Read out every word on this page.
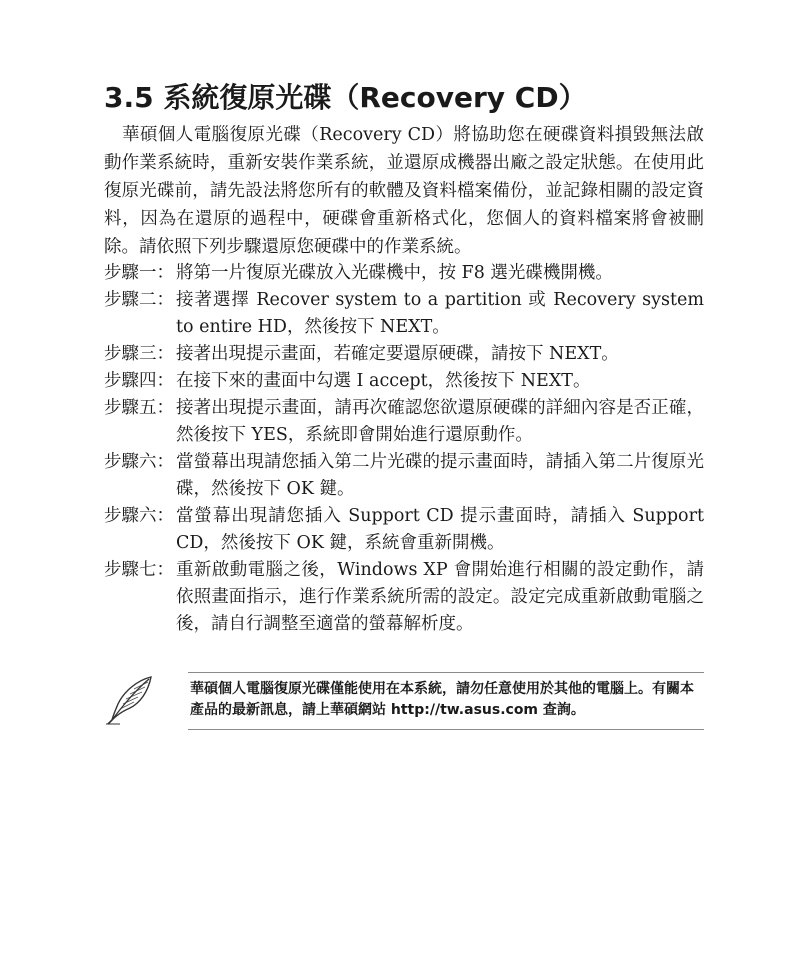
3.5 系統復原光碟（Recovery CD）

華碩個人電腦復原光碟（Recovery CD）將協助您在硬碟資料損毀無法啟動作業系統時，重新安裝作業系統，並還原成機器出廠之設定狀態。在使用此復原光碟前，請先設法將您所有的軟體及資料檔案備份，並記錄相關的設定資料，因為在還原的過程中，硬碟會重新格式化，您個人的資料檔案將會被刪除。請依照下列步驟還原您硬碟中的作業系統。

步驟一： 將第一片復原光碟放入光碟機中，按 F8 選光碟機開機。
步驟二： 接著選擇 Recover system to a partition 或 Recovery system to entire HD，然後按下 NEXT。
步驟三： 接著出現提示畫面，若確定要還原硬碟，請按下 NEXT。
步驟四： 在接下來的畫面中勾選 I accept，然後按下 NEXT。
步驟五： 接著出現提示畫面，請再次確認您欲還原硬碟的詳細內容是否正確，然後按下 YES，系統即會開始進行還原動作。
步驟六： 當螢幕出現請您插入第二片光碟的提示畫面時，請插入第二片復原光碟，然後按下 OK 鍵。
步驟六： 當螢幕出現請您插入 Support CD 提示畫面時，請插入 Support CD，然後按下 OK 鍵，系統會重新開機。
步驟七： 重新啟動電腦之後，Windows XP 會開始進行相關的設定動作，請依照畫面指示，進行作業系統所需的設定。設定完成重新啟動電腦之後，請自行調整至適當的螢幕解析度。

華碩個人電腦復原光碟僅能使用在本系統，請勿任意使用於其他的電腦上。有關本產品的最新訊息，請上華碩網站 http://tw.asus.com 查詢。
